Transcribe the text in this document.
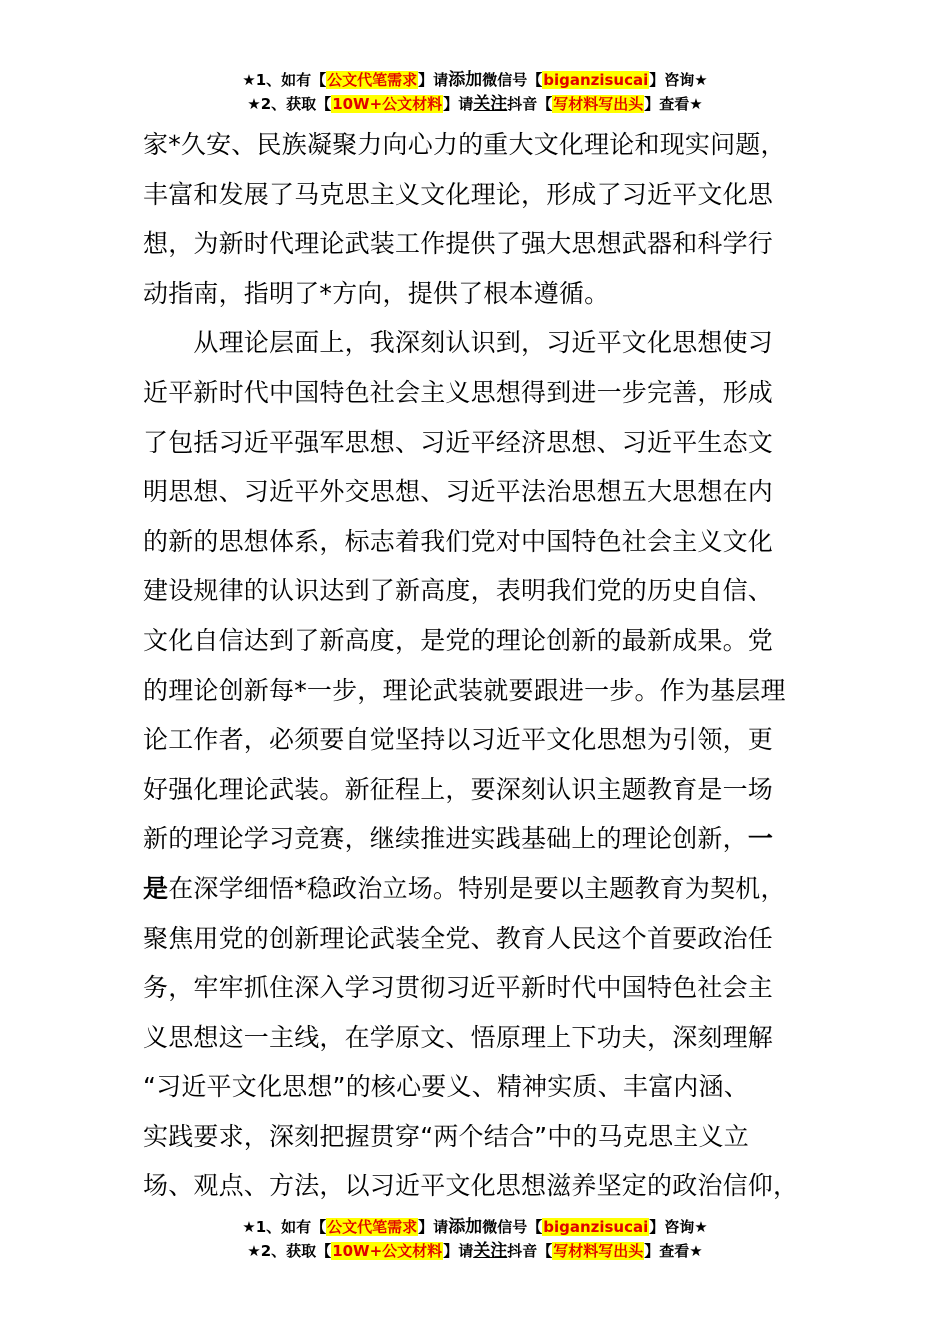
★1、如有【公文代笔需求】请添加微信号【biganzisucai】咨询★
★2、获取【10W+公文材料】请关注抖音【写材料写出头】查看★
家*久安、民族凝聚力向心力的重大文化理论和现实问题，
丰富和发展了马克思主义文化理论，形成了习近平文化思
想，为新时代理论武装工作提供了强大思想武器和科学行
动指南，指明了*方向，提供了根本遵循。
　　从理论层面上，我深刻认识到，习近平文化思想使习
近平新时代中国特色社会主义思想得到进一步完善，形成
了包括习近平强军思想、习近平经济思想、习近平生态文
明思想、习近平外交思想、习近平法治思想五大思想在内
的新的思想体系，标志着我们党对中国特色社会主义文化
建设规律的认识达到了新高度，表明我们党的历史自信、
文化自信达到了新高度，是党的理论创新的最新成果。党
的理论创新每*一步，理论武装就要跟进一步。作为基层理
论工作者，必须要自觉坚持以习近平文化思想为引领，更
好强化理论武装。新征程上，要深刻认识主题教育是一场
新的理论学习竞赛，继续推进实践基础上的理论创新，一
是在深学细悟*稳政治立场。特别是要以主题教育为契机，
聚焦用党的创新理论武装全党、教育人民这个首要政治任
务，牢牢抓住深入学习贯彻习近平新时代中国特色社会主
义思想这一主线，在学原文、悟原理上下功夫，深刻理解
“习近平文化思想”的核心要义、精神实质、丰富内涵、
实践要求，深刻把握贯穿“两个结合”中的马克思主义立
场、观点、方法，以习近平文化思想滋养坚定的政治信仰，
★1、如有【公文代笔需求】请添加微信号【biganzisucai】咨询★
★2、获取【10W+公文材料】请关注抖音【写材料写出头】查看★
